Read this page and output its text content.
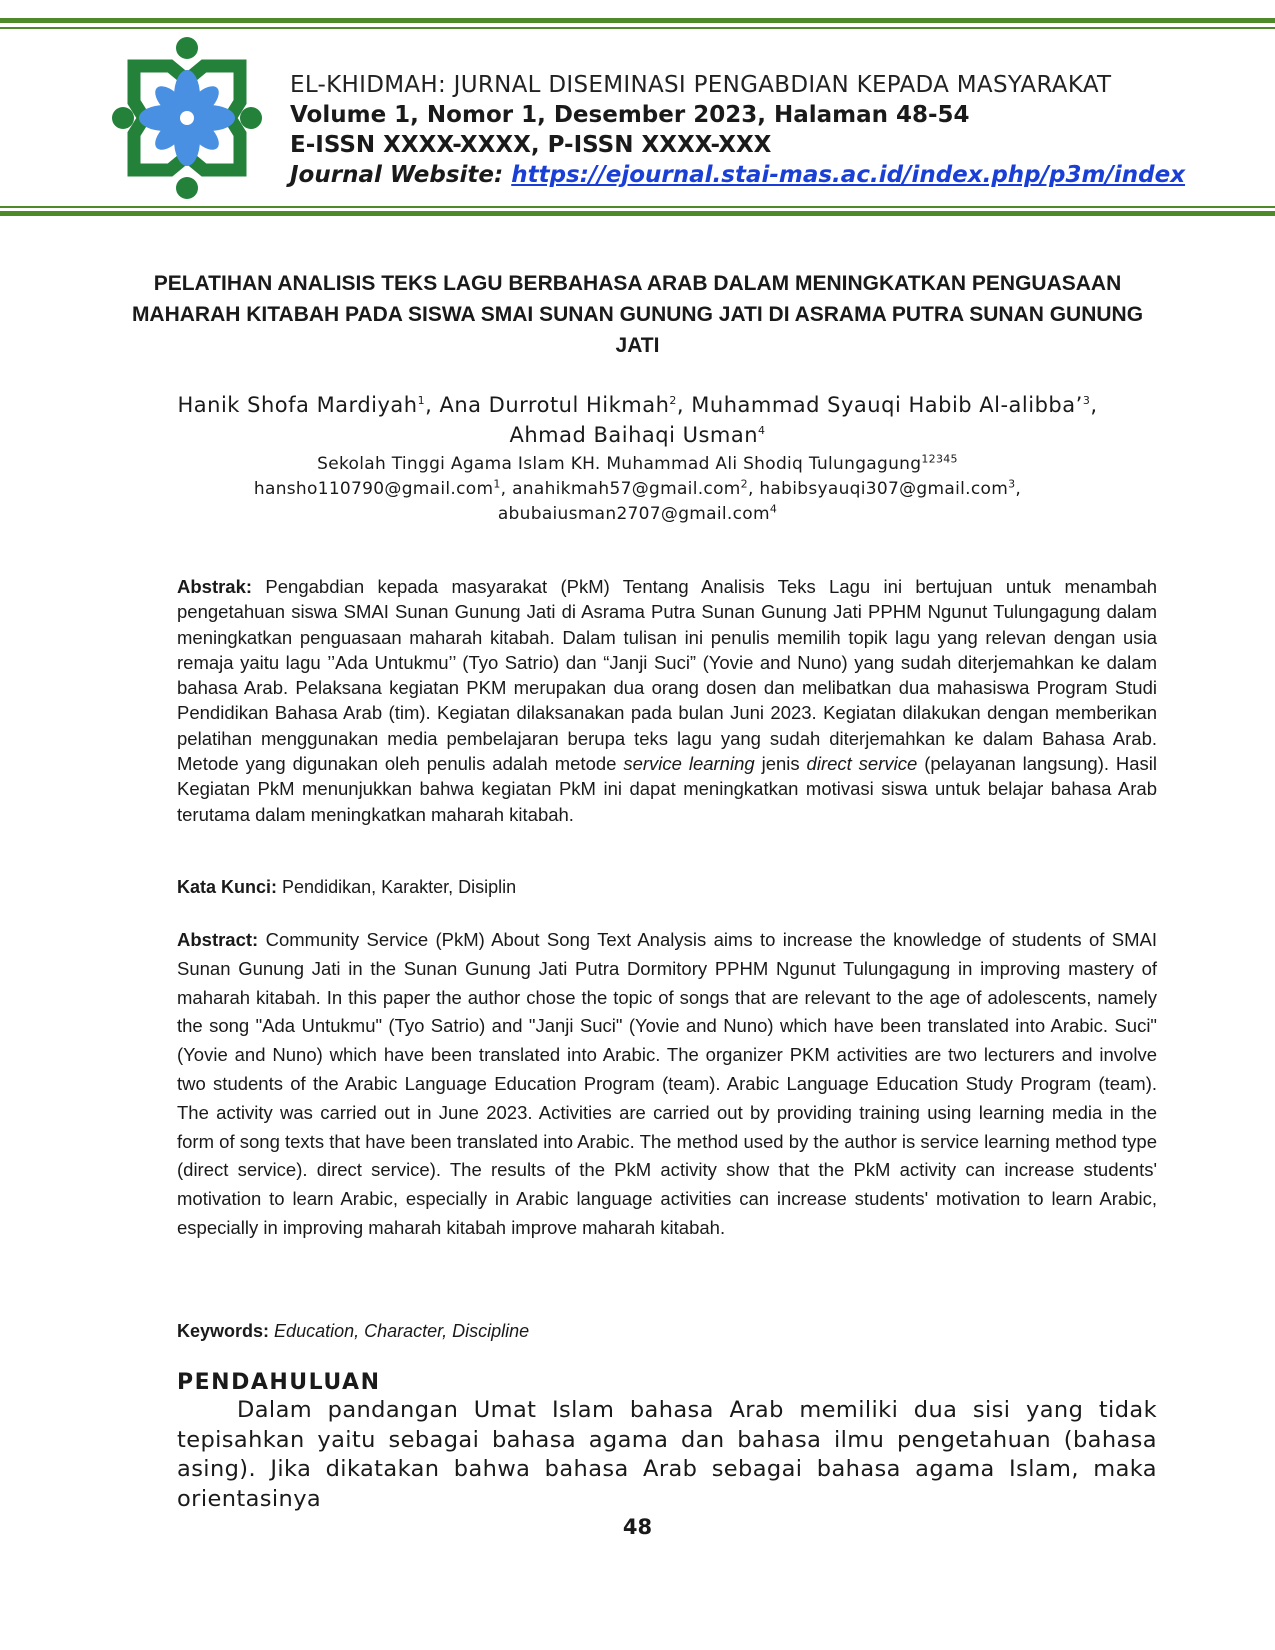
EL-KHIDMAH: JURNAL DISEMINASI PENGABDIAN KEPADA MASYARAKAT
Volume 1, Nomor 1, Desember 2023, Halaman 48-54
E-ISSN XXXX-XXXX, P-ISSN XXXX-XXX
Journal Website: https://ejournal.stai-mas.ac.id/index.php/p3m/index
PELATIHAN ANALISIS TEKS LAGU BERBAHASA ARAB DALAM MENINGKATKAN PENGUASAAN MAHARAH KITABAH PADA SISWA SMAI SUNAN GUNUNG JATI DI ASRAMA PUTRA SUNAN GUNUNG JATI
Hanik Shofa Mardiyah$^1$, Ana Durrotul Hikmah$^2$, Muhammad Syauqi Habib Al-alibba’$^3$,
Ahmad Baihaqi Usman$^4$
Sekolah Tinggi Agama Islam KH. Muhammad Ali Shodiq Tulungagung$^{12345}$
hansho110790@gmail.com$^1$, anahikmah57@gmail.com$^2$, habibsyauqi307@gmail.com$^3$,
abubaiusman2707@gmail.com$^4$
Abstrak: Pengabdian kepada masyarakat (PkM) Tentang Analisis Teks Lagu ini bertujuan untuk menambah pengetahuan siswa SMAI Sunan Gunung Jati di Asrama Putra Sunan Gunung Jati PPHM Ngunut Tulungagung dalam meningkatkan penguasaan maharah kitabah. Dalam tulisan ini penulis memilih topik lagu yang relevan dengan usia remaja yaitu lagu ’’Ada Untukmu’’ (Tyo Satrio) dan “Janji Suci” (Yovie and Nuno) yang sudah diterjemahkan ke dalam bahasa Arab. Pelaksana kegiatan PKM merupakan dua orang dosen dan melibatkan dua mahasiswa Program Studi Pendidikan Bahasa Arab (tim). Kegiatan dilaksanakan pada bulan Juni 2023. Kegiatan dilakukan dengan memberikan pelatihan menggunakan media pembelajaran berupa teks lagu yang sudah diterjemahkan ke dalam Bahasa Arab. Metode yang digunakan oleh penulis adalah metode service learning jenis direct service (pelayanan langsung). Hasil Kegiatan PkM menunjukkan bahwa kegiatan PkM ini dapat meningkatkan motivasi siswa untuk belajar bahasa Arab terutama dalam meningkatkan maharah kitabah.
Kata Kunci: Pendidikan, Karakter, Disiplin
Abstract: Community Service (PkM) About Song Text Analysis aims to increase the knowledge of students of SMAI Sunan Gunung Jati in the Sunan Gunung Jati Putra Dormitory PPHM Ngunut Tulungagung in improving mastery of maharah kitabah. In this paper the author chose the topic of songs that are relevant to the age of adolescents, namely the song "Ada Untukmu" (Tyo Satrio) and "Janji Suci" (Yovie and Nuno) which have been translated into Arabic. Suci" (Yovie and Nuno) which have been translated into Arabic. The organizer PKM activities are two lecturers and involve two students of the Arabic Language Education Program (team). Arabic Language Education Study Program (team). The activity was carried out in June 2023. Activities are carried out by providing training using learning media in the form of song texts that have been translated into Arabic. The method used by the author is service learning method type (direct service). direct service). The results of the PkM activity show that the PkM activity can increase students' motivation to learn Arabic, especially in Arabic language activities can increase students' motivation to learn Arabic, especially in improving maharah kitabah improve maharah kitabah.
Keywords: Education, Character, Discipline
PENDAHULUAN
Dalam pandangan Umat Islam bahasa Arab memiliki dua sisi yang tidak tepisahkan yaitu sebagai bahasa agama dan bahasa ilmu pengetahuan (bahasa asing). Jika dikatakan bahwa bahasa Arab sebagai bahasa agama Islam, maka orientasinya
48
